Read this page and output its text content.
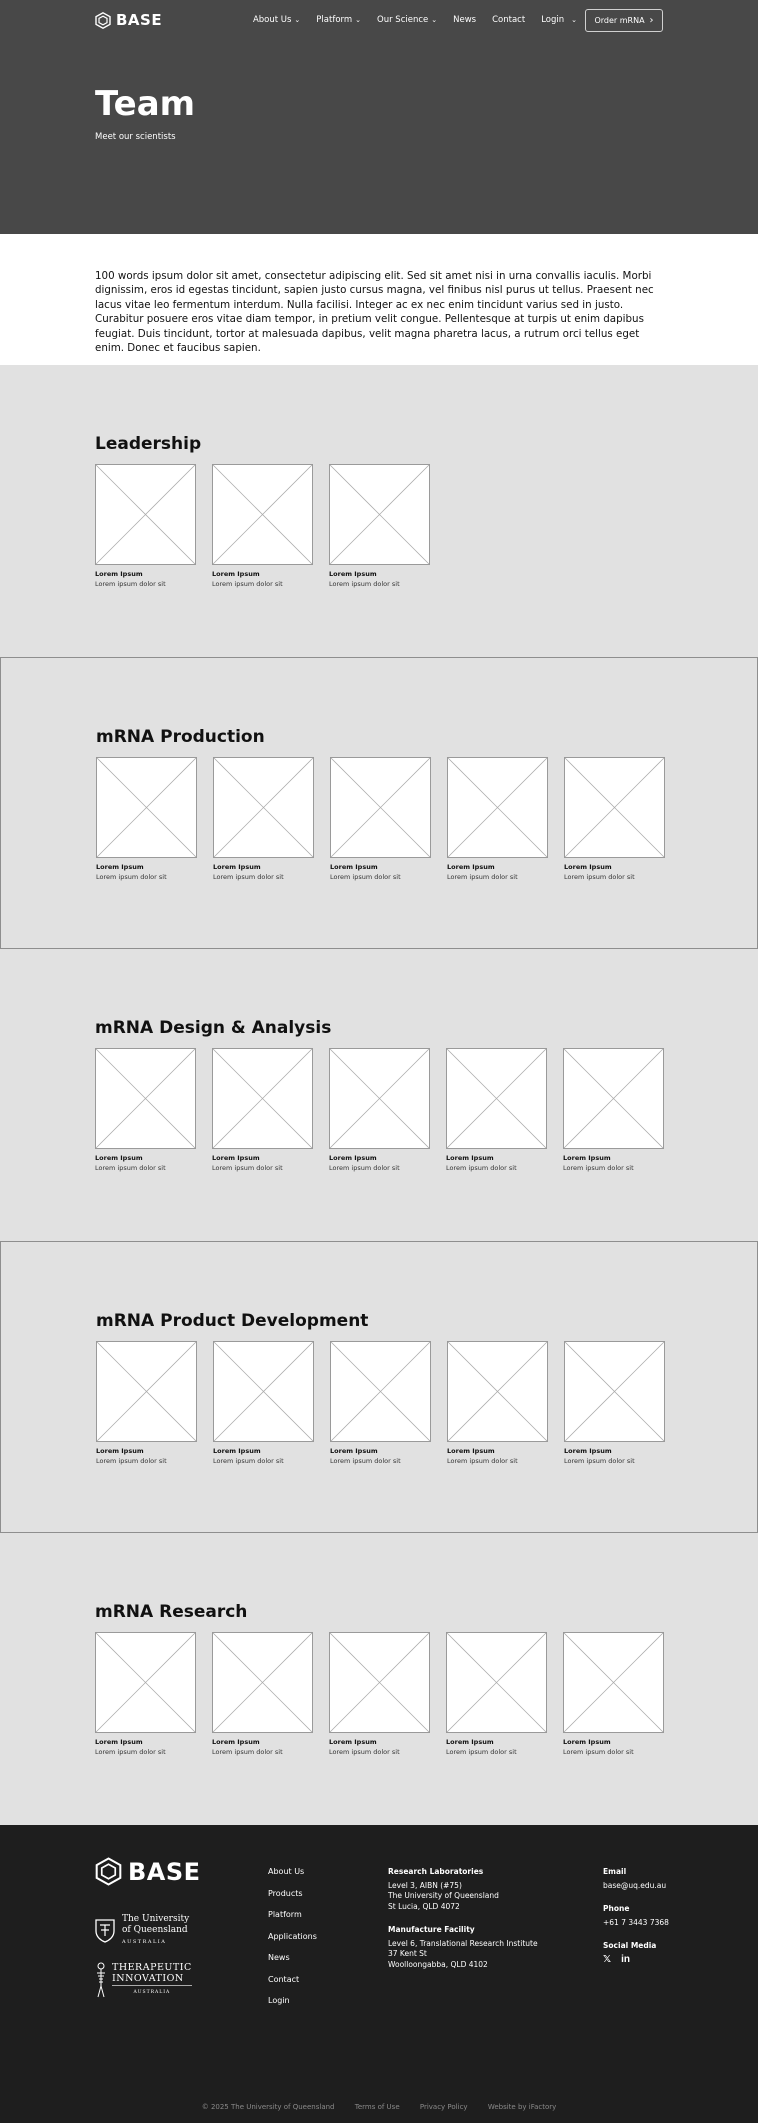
BASE	About Us ⌄ Platform ⌄ Our Science ⌄ News Contact Login ⌄ Order mRNA ›
Team
Meet our scientists

100 words ipsum dolor sit amet, consectetur adipiscing elit. Sed sit amet nisi in urna convallis iaculis. Morbi dignissim, eros id egestas tincidunt, sapien justo cursus magna, vel finibus nisl purus ut tellus. Praesent nec lacus vitae leo fermentum interdum. Nulla facilisi. Integer ac ex nec enim tincidunt varius sed in justo. Curabitur posuere eros vitae diam tempor, in pretium velit congue. Pellentesque at turpis ut enim dapibus feugiat. Duis tincidunt, tortor at malesuada dapibus, velit magna pharetra lacus, a rutrum orci tellus eget enim. Donec et faucibus sapien.

Leadership
Lorem Ipsum
Lorem ipsum dolor sit
Lorem Ipsum
Lorem ipsum dolor sit
Lorem Ipsum
Lorem ipsum dolor sit
mRNA Production
Lorem Ipsum
Lorem ipsum dolor sit
Lorem Ipsum
Lorem ipsum dolor sit
Lorem Ipsum
Lorem ipsum dolor sit
Lorem Ipsum
Lorem ipsum dolor sit
Lorem Ipsum
Lorem ipsum dolor sit
mRNA Design & Analysis
Lorem Ipsum
Lorem ipsum dolor sit
Lorem Ipsum
Lorem ipsum dolor sit
Lorem Ipsum
Lorem ipsum dolor sit
Lorem Ipsum
Lorem ipsum dolor sit
Lorem Ipsum
Lorem ipsum dolor sit
mRNA Product Development
Lorem Ipsum
Lorem ipsum dolor sit
Lorem Ipsum
Lorem ipsum dolor sit
Lorem Ipsum
Lorem ipsum dolor sit
Lorem Ipsum
Lorem ipsum dolor sit
Lorem Ipsum
Lorem ipsum dolor sit
mRNA Research
Lorem Ipsum
Lorem ipsum dolor sit
Lorem Ipsum
Lorem ipsum dolor sit
Lorem Ipsum
Lorem ipsum dolor sit
Lorem Ipsum
Lorem ipsum dolor sit
Lorem Ipsum
Lorem ipsum dolor sit
BASE
The University
of Queensland
AUSTRALIA
THERAPEUTIC
INNOVATION
AUSTRALIA
About Us
Products
Platform
Applications
News
Contact
Login
Research Laboratories
Level 3, AIBN (#75)
The University of Queensland
St Lucia, QLD 4072
Manufacture Facility
Level 6, Translational Research Institute
37 Kent St
Woolloongabba, QLD 4102
Email
base@uq.edu.au
Phone
+61 7 3443 7368
Social Media
𝕏 in
© 2025 The University of Queensland	Terms of Use	Privacy Policy	Website by iFactory
